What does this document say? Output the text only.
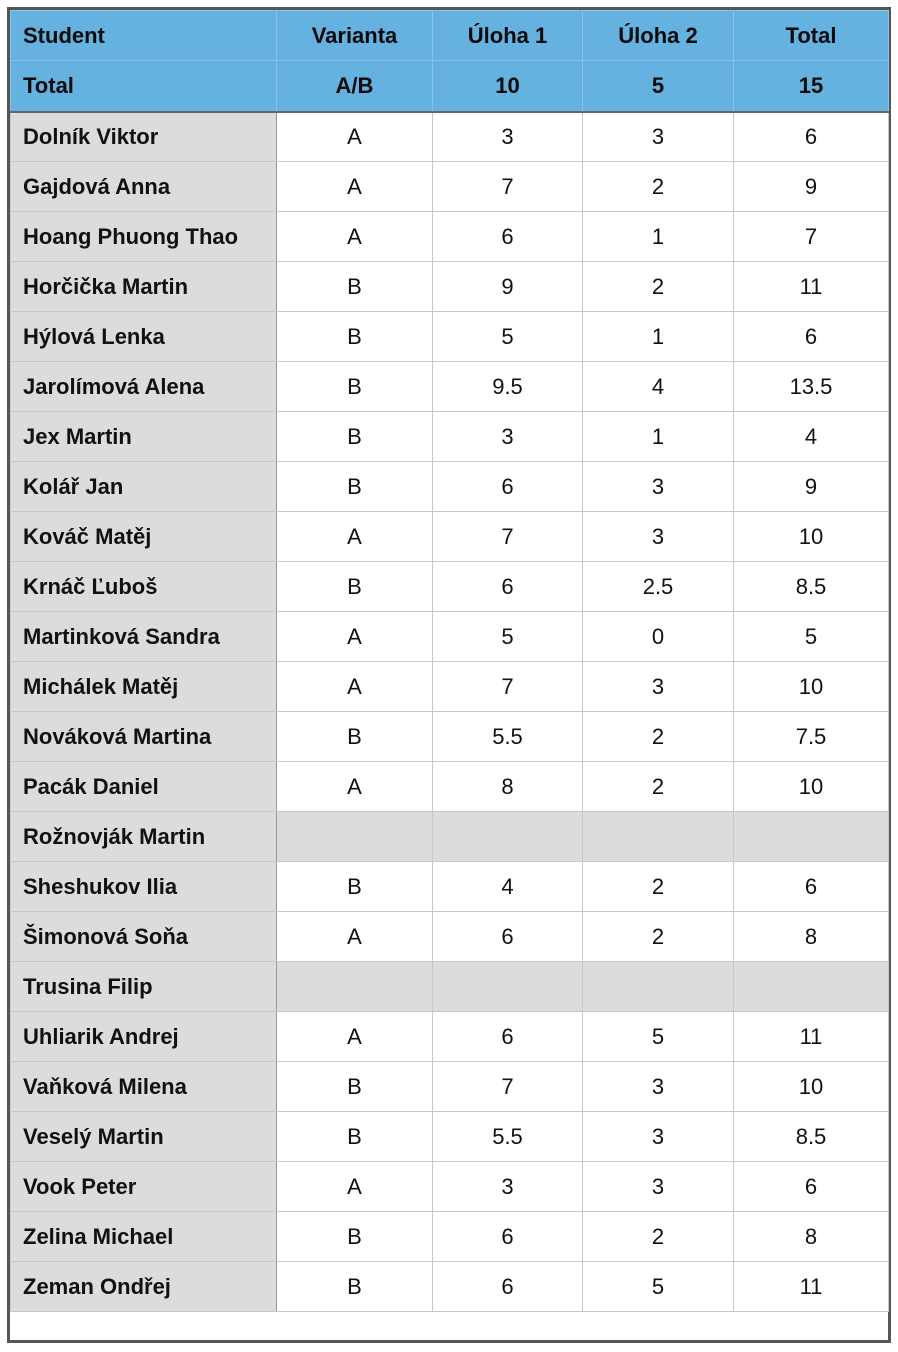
Student	Varianta	Úloha 1	Úloha 2	Total
Total	A/B	10	5	15
Dolník Viktor	A	3	3	6
Gajdová Anna	A	7	2	9
Hoang Phuong Thao	A	6	1	7
Horčička Martin	B	9	2	11
Hýlová Lenka	B	5	1	6
Jarolímová Alena	B	9.5	4	13.5
Jex Martin	B	3	1	4
Kolář Jan	B	6	3	9
Kováč Matěj	A	7	3	10
Krnáč Ľuboš	B	6	2.5	8.5
Martinková Sandra	A	5	0	5
Michálek Matěj	A	7	3	10
Nováková Martina	B	5.5	2	7.5
Pacák Daniel	A	8	2	10
Rožnovják Martin				
Sheshukov Ilia	B	4	2	6
Šimonová Soňa	A	6	2	8
Trusina Filip				
Uhliarik Andrej	A	6	5	11
Vaňková Milena	B	7	3	10
Veselý Martin	B	5.5	3	8.5
Vook Peter	A	3	3	6
Zelina Michael	B	6	2	8
Zeman Ondřej	B	6	5	11
